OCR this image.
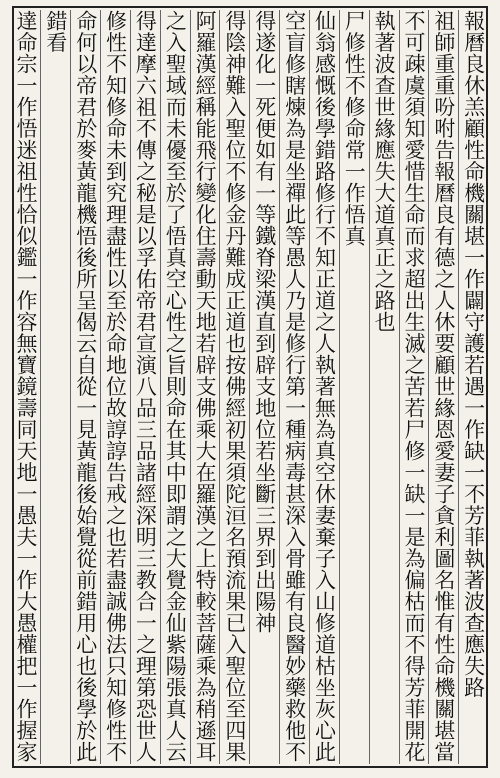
報曆良休羔顧性命機關堪一作闢守護若遇一作缺一不芳菲執著波查應失路
祖師重重吩咐告報曆良有德之人休要顧世緣恩愛妻子貪利圖名惟有性命機關堪當
不可疎虞須知愛惜生命而求超出生滅之苦若尸修一缺一是為偏枯而不得芳菲開花
執著波查世緣應失大道真正之路也
尸修性不修命常一作悟真
仙翁感慨後學錯路修行不知正道之人執著無為真空休妻棄子入山修道枯坐灰心此
空盲修瞎煉為是坐禪此等愚人乃是修行第一種病毒甚深入骨雖有良醫妙藥救他不
得遂化一死便如有一等鐵脊梁漢直到辟支地位若坐斷三界到出陽神
得陰神難入聖位不修金丹難成正道也按佛經初果須陀洹名預流果已入聖位至四果
阿羅漢經稱能飛行變化住壽動天地若辟支佛乘大在羅漢之上特較菩薩乘為稍遜耳
之入聖域而未優至於了悟真空心性之旨則命在其中即謂之大覺金仙紫陽張真人云
得達摩六祖不傳之秘是以孚佑帝君宣演八品三品諸經深明三教合一之理第恐世人
修性不知修命未到究理盡性以至於命地位故諄諄告戒之也若盡誠佛法只知修性不
命何以帝君於麥黃龍機悟後所呈偈云自從一見黃龍後始覺從前錯用心也後學於此
錯看
達命宗一作悟迷祖性恰似鑑一作容無寶鏡壽同天地一愚夫一作大愚權把一作握家
